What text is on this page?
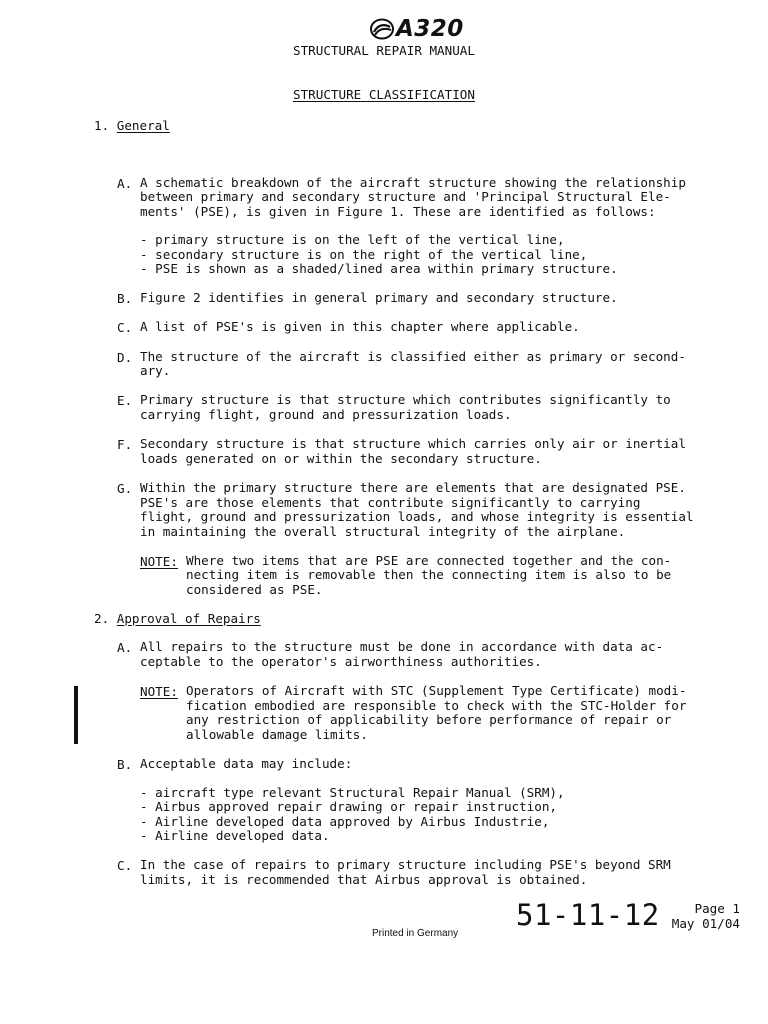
A320
STRUCTURAL REPAIR MANUAL
STRUCTURE CLASSIFICATION
1. General
A. A schematic breakdown of the aircraft structure showing the relationship
between primary and secondary structure and 'Principal Structural Ele-
ments' (PSE), is given in Figure 1. These are identified as follows:
- primary structure is on the left of the vertical line,
- secondary structure is on the right of the vertical line,
- PSE is shown as a shaded/lined area within primary structure.
B. Figure 2 identifies in general primary and secondary structure.
C. A list of PSE's is given in this chapter where applicable.
D. The structure of the aircraft is classified either as primary or second-
ary.
E. Primary structure is that structure which contributes significantly to
carrying flight, ground and pressurization loads.
F. Secondary structure is that structure which carries only air or inertial
loads generated on or within the secondary structure.
G. Within the primary structure there are elements that are designated PSE.
PSE's are those elements that contribute significantly to carrying
flight, ground and pressurization loads, and whose integrity is essential
in maintaining the overall structural integrity of the airplane.
NOTE: Where two items that are PSE are connected together and the con-
necting item is removable then the connecting item is also to be
considered as PSE.
2. Approval of Repairs
A. All repairs to the structure must be done in accordance with data ac-
ceptable to the operator's airworthiness authorities.
NOTE: Operators of Aircraft with STC (Supplement Type Certificate) modi-
fication embodied are responsible to check with the STC-Holder for
any restriction of applicability before performance of repair or
allowable damage limits.
B. Acceptable data may include:
- aircraft type relevant Structural Repair Manual (SRM),
- Airbus approved repair drawing or repair instruction,
- Airline developed data approved by Airbus Industrie,
- Airline developed data.
C. In the case of repairs to primary structure including PSE's beyond SRM
limits, it is recommended that Airbus approval is obtained.
51-11-12	Page 1
May 01/04
Printed in Germany
